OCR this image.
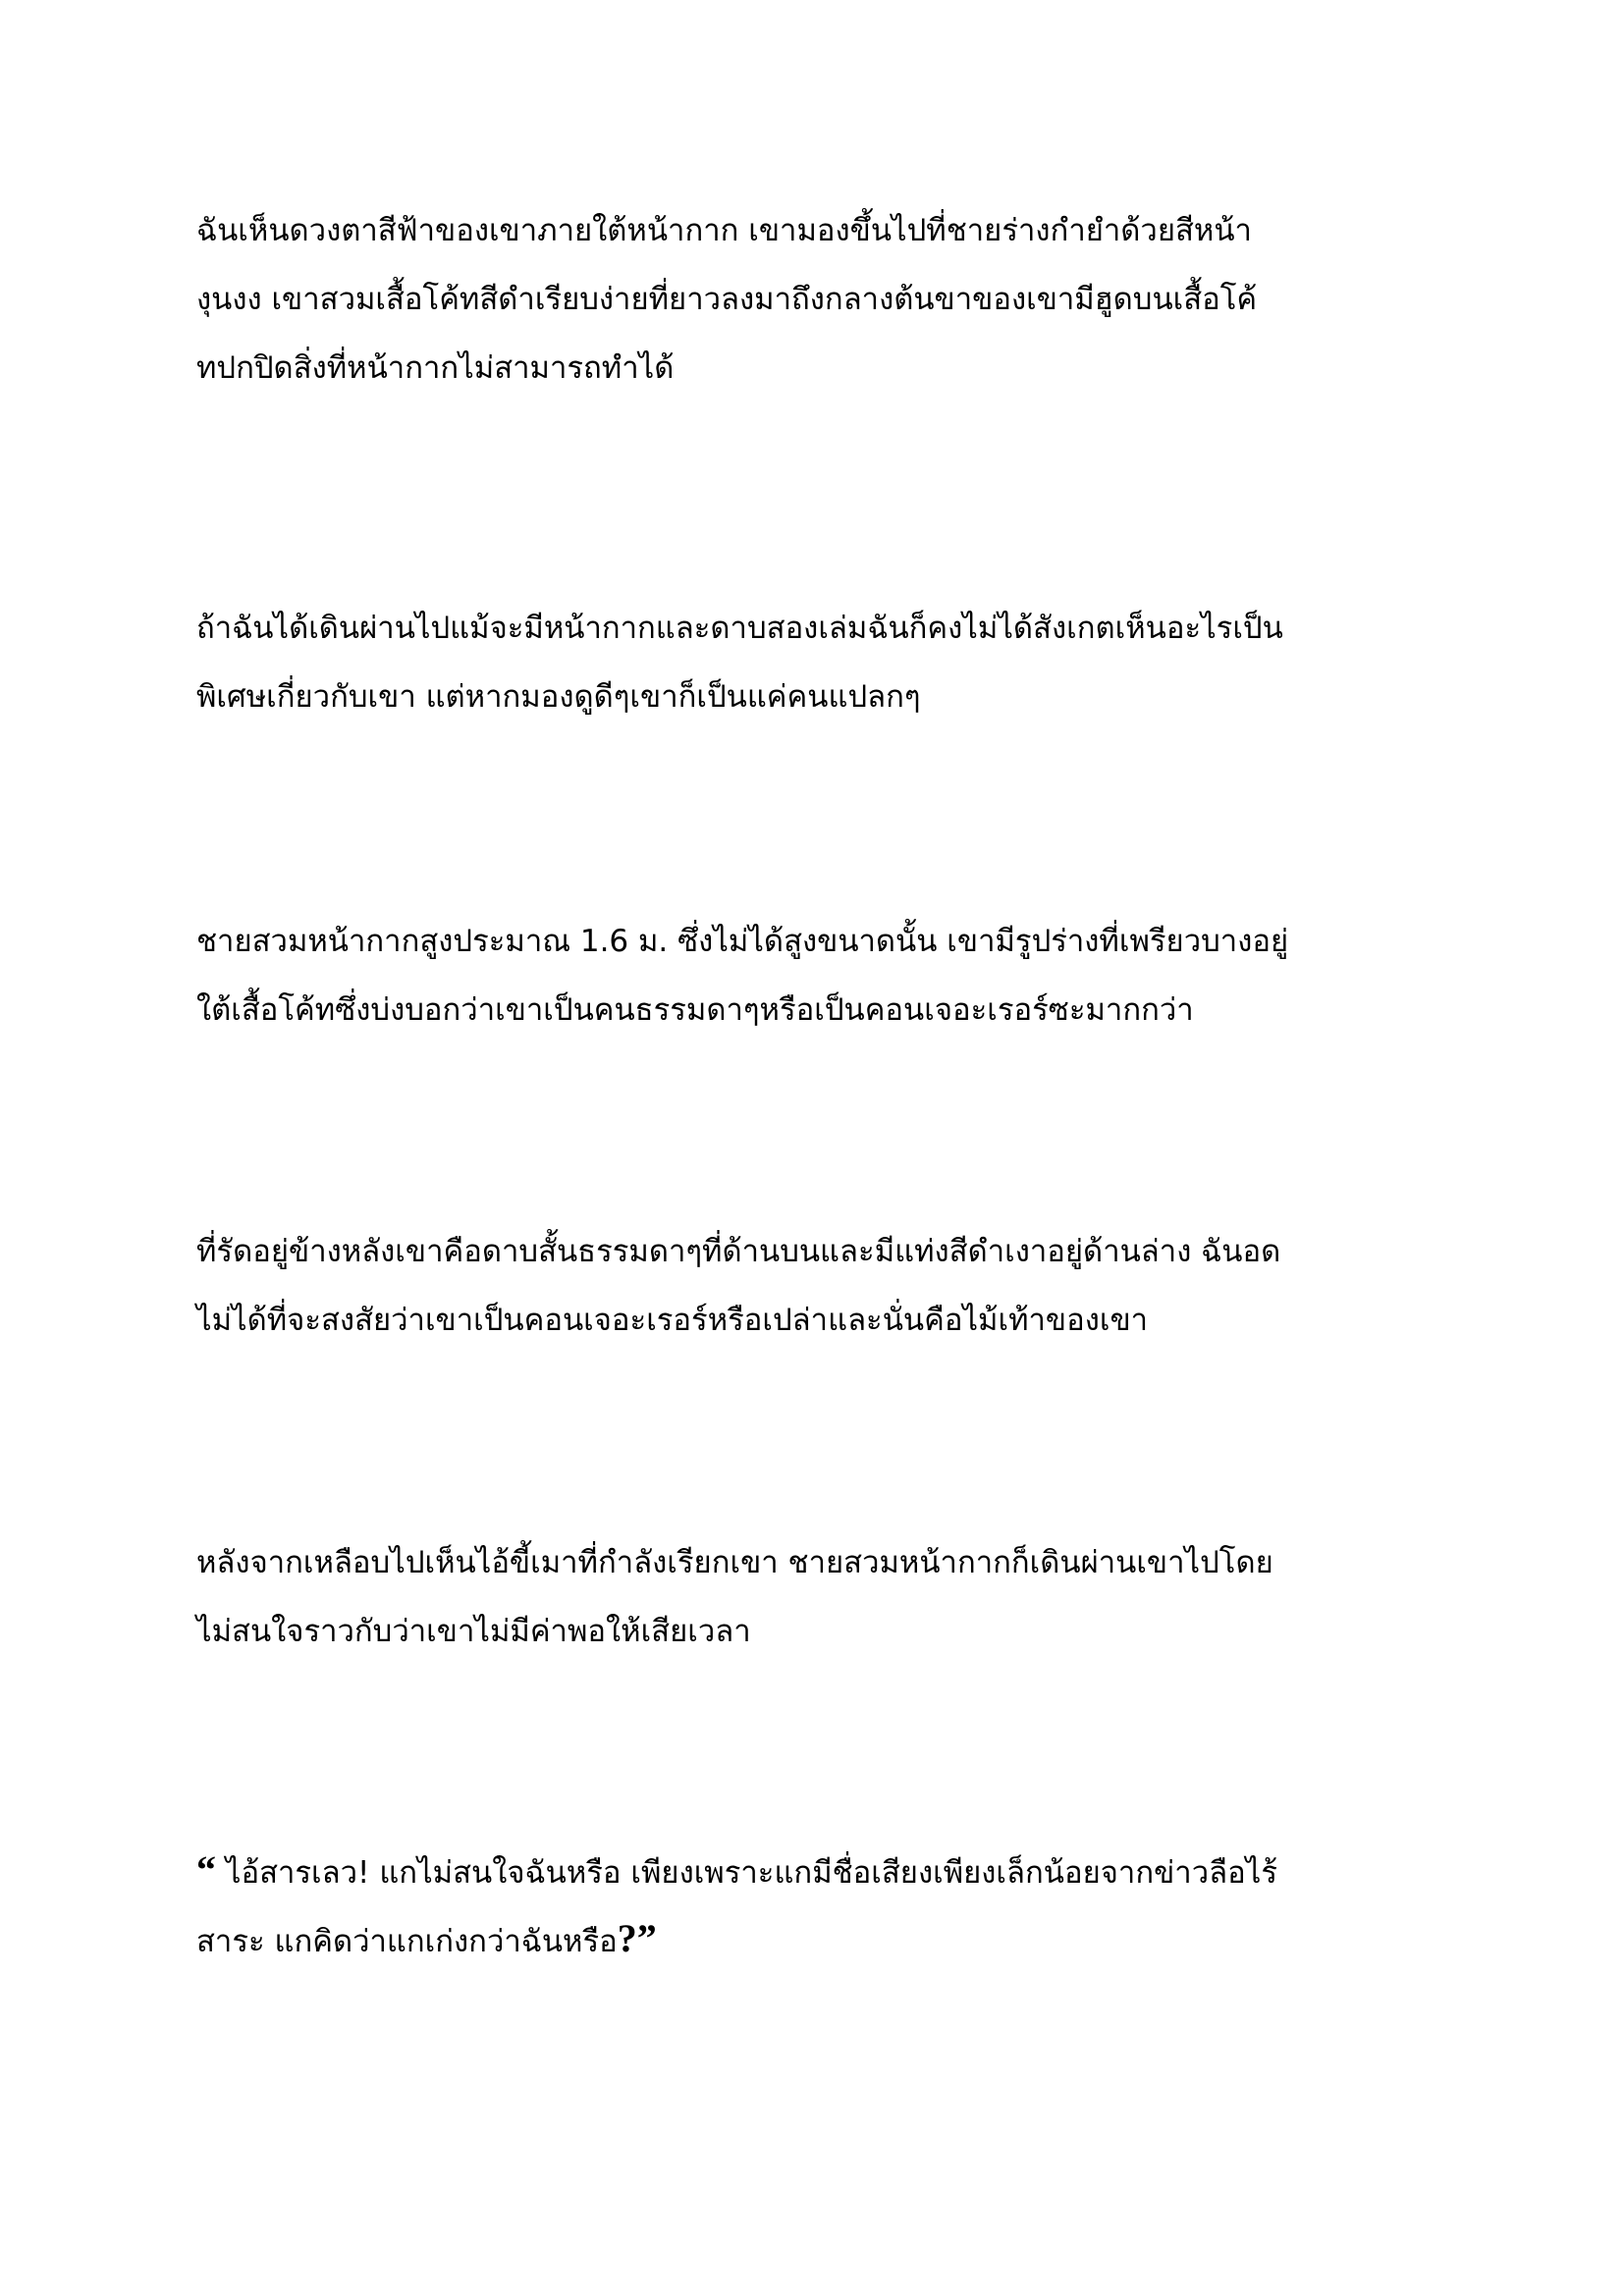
ฉันเห็นดวงตาสีฟ้าของเขาภายใต้หน้ากาก เขามองขึ้นไปที่ชายร่างกำยำด้วยสีหน้า
งุนงง เขาสวมเสื้อโค้ทสีดำเรียบง่ายที่ยาวลงมาถึงกลางต้นขาของเขามีฮูดบนเสื้อโค้
ทปกปิดสิ่งที่หน้ากากไม่สามารถทำได้
ถ้าฉันได้เดินผ่านไปแม้จะมีหน้ากากและดาบสองเล่มฉันก็คงไม่ได้สังเกตเห็นอะไรเป็น
พิเศษเกี่ยวกับเขา แต่หากมองดูดีๆเขาก็เป็นแค่คนแปลกๆ
ชายสวมหน้ากากสูงประมาณ 1.6 ม. ซึ่งไม่ได้สูงขนาดนั้น เขามีรูปร่างที่เพรียวบางอยู่
ใต้เสื้อโค้ทซึ่งบ่งบอกว่าเขาเป็นคนธรรมดาๆหรือเป็นคอนเจอะเรอร์ซะมากกว่า
ที่รัดอยู่ข้างหลังเขาคือดาบสั้นธรรมดาๆที่ด้านบนและมีแท่งสีดำเงาอยู่ด้านล่าง ฉันอด
ไม่ได้ที่จะสงสัยว่าเขาเป็นคอนเจอะเรอร์หรือเปล่าและนั่นคือไม้เท้าของเขา
หลังจากเหลือบไปเห็นไอ้ขี้เมาที่กำลังเรียกเขา ชายสวมหน้ากากก็เดินผ่านเขาไปโดย
ไม่สนใจราวกับว่าเขาไม่มีค่าพอให้เสียเวลา
“ ไอ้สารเลว! แกไม่สนใจฉันหรือ เพียงเพราะแกมีชื่อเสียงเพียงเล็กน้อยจากข่าวลือไร้
สาระ แกคิดว่าแกเก่งกว่าฉันหรือ?”
